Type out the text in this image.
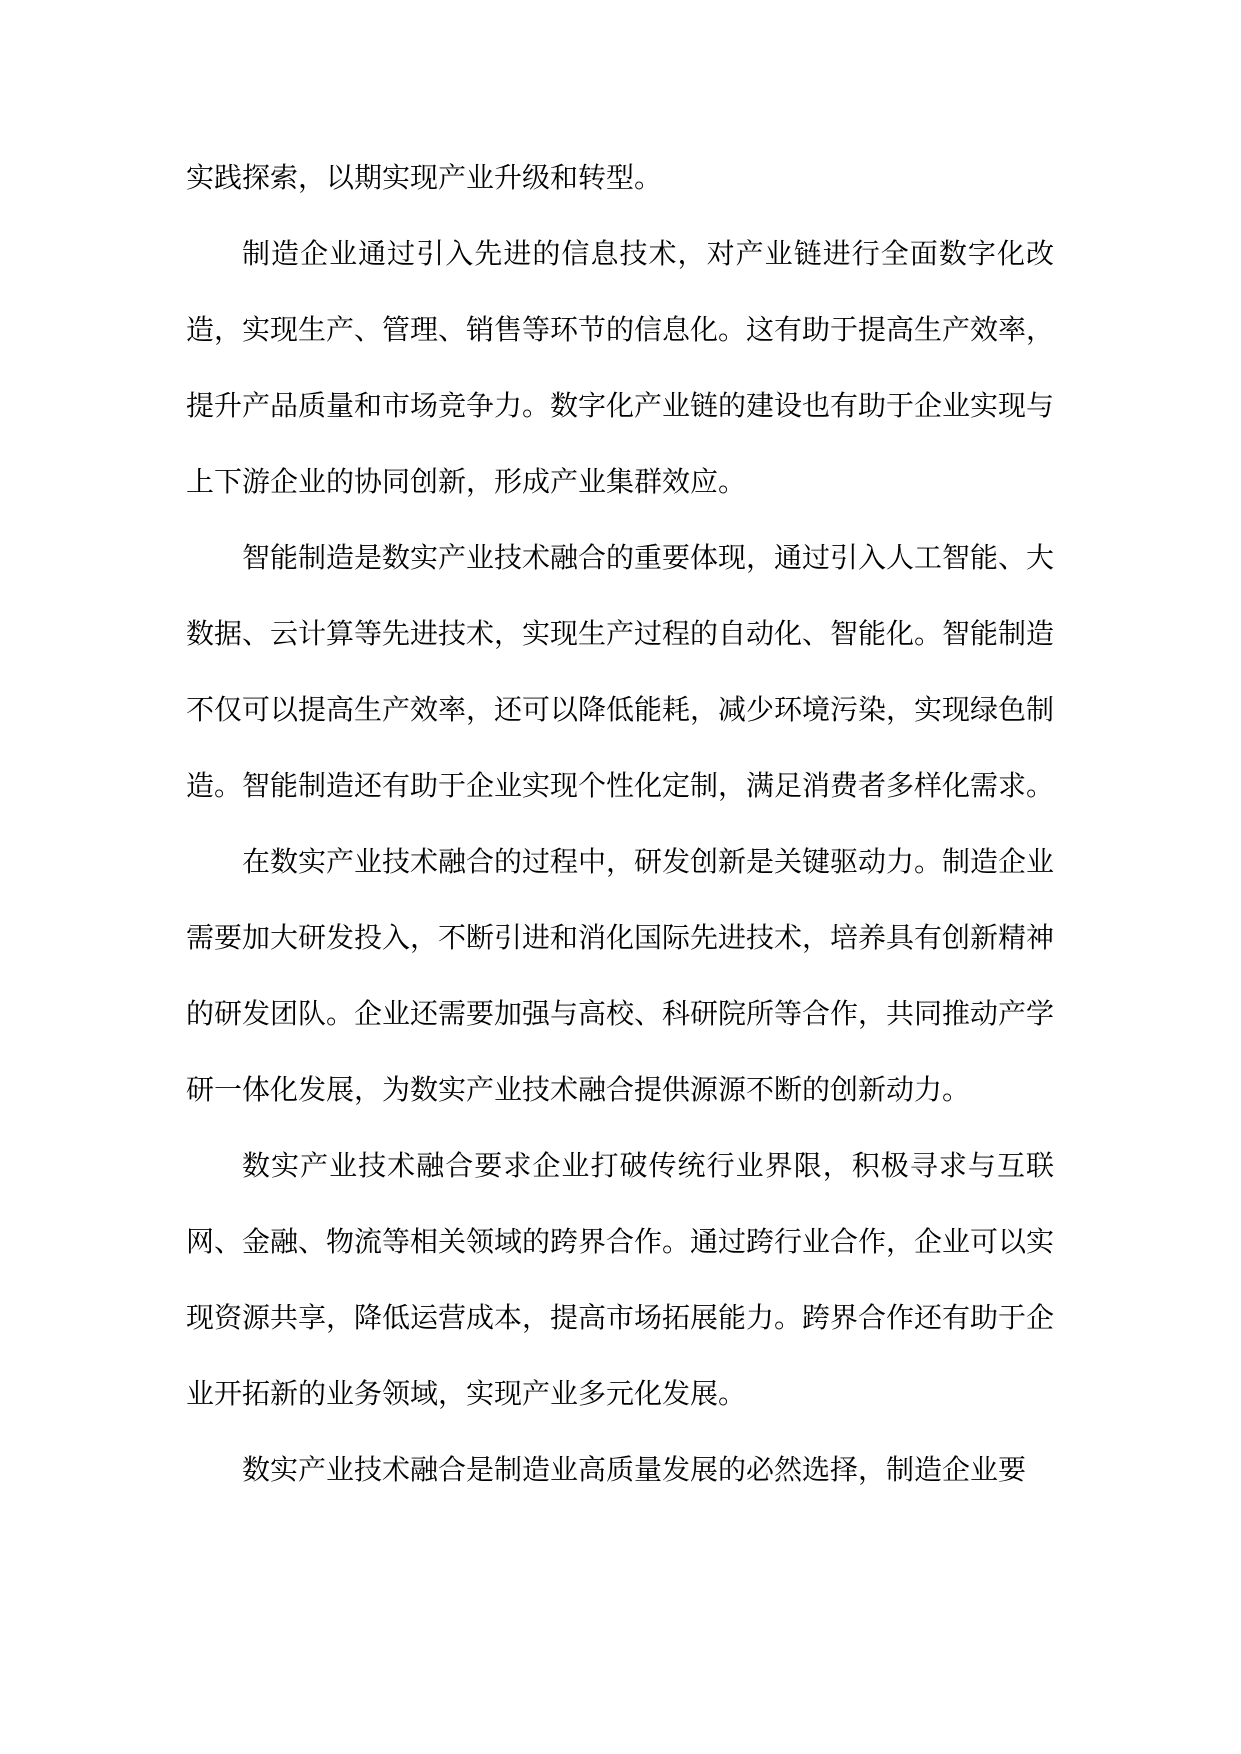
实践探索，以期实现产业升级和转型。

制造企业通过引入先进的信息技术，对产业链进行全面数字化改造，实现生产、管理、销售等环节的信息化。这有助于提高生产效率，提升产品质量和市场竞争力。数字化产业链的建设也有助于企业实现与上下游企业的协同创新，形成产业集群效应。

智能制造是数实产业技术融合的重要体现，通过引入人工智能、大数据、云计算等先进技术，实现生产过程的自动化、智能化。智能制造不仅可以提高生产效率，还可以降低能耗，减少环境污染，实现绿色制造。智能制造还有助于企业实现个性化定制，满足消费者多样化需求。

在数实产业技术融合的过程中，研发创新是关键驱动力。制造企业需要加大研发投入，不断引进和消化国际先进技术，培养具有创新精神的研发团队。企业还需要加强与高校、科研院所等合作，共同推动产学研一体化发展，为数实产业技术融合提供源源不断的创新动力。

数实产业技术融合要求企业打破传统行业界限，积极寻求与互联网、金融、物流等相关领域的跨界合作。通过跨行业合作，企业可以实现资源共享，降低运营成本，提高市场拓展能力。跨界合作还有助于企业开拓新的业务领域，实现产业多元化发展。

数实产业技术融合是制造业高质量发展的必然选择，制造企业要
